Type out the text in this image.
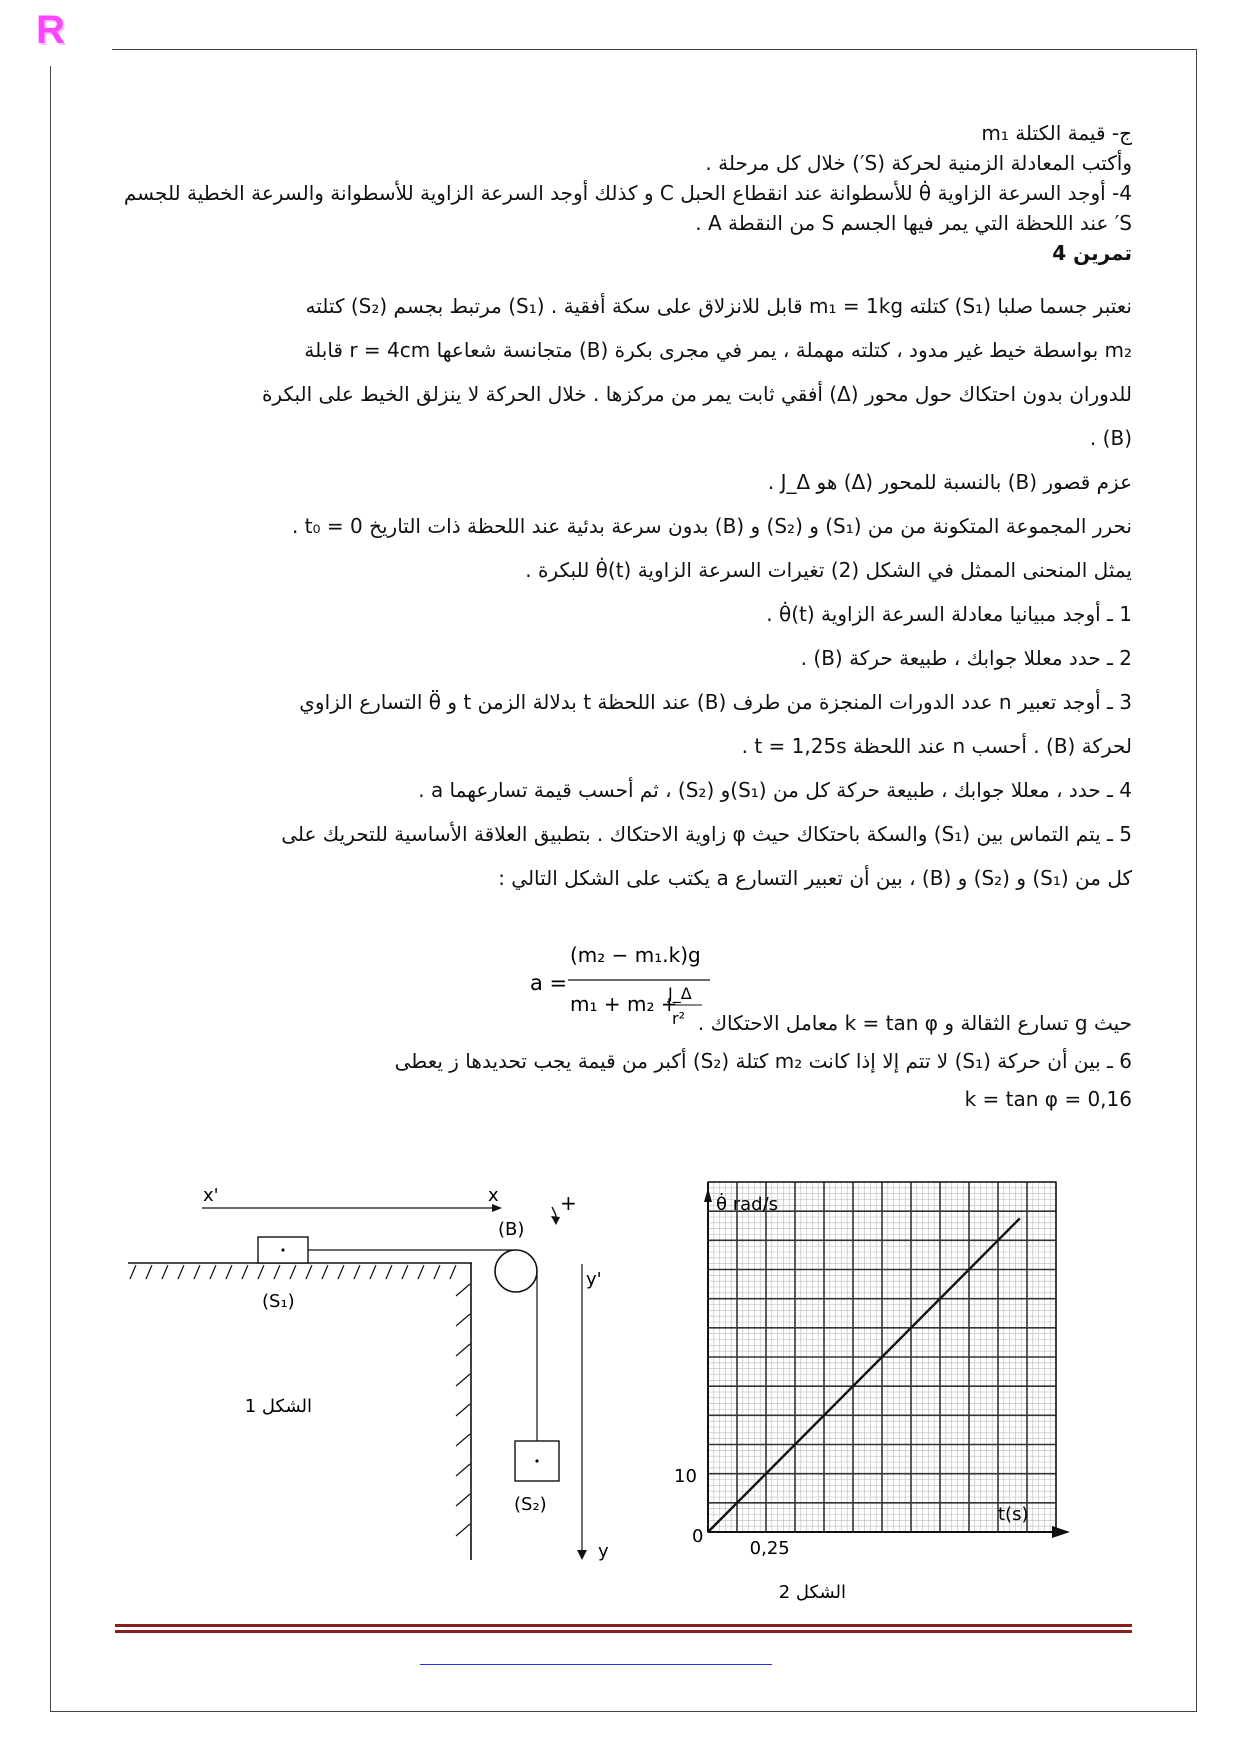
R
ج- قيمة الكتلة m₁
وأكتب المعادلة الزمنية لحركة (S′) خلال كل مرحلة .
4- أوجد السرعة الزاوية θ̇ للأسطوانة عند انقطاع الحبل C و كذلك أوجد السرعة الزاوية للأسطوانة والسرعة الخطية للجسم S′ عند اللحظة التي يمر فيها الجسم S من النقطة A .
تمرين 4
نعتبر جسما صلبا (S₁) كتلته m₁ = 1kg قابل للانزلاق على سكة أفقية . (S₁) مرتبط بجسم (S₂) كتلته
m₂ بواسطة خيط غير مدود ، كتلته مهملة ، يمر في مجرى بكرة (B) متجانسة شعاعها r = 4cm قابلة
للدوران بدون احتكاك حول محور (Δ) أفقي ثابت يمر من مركزها . خلال الحركة لا ينزلق الخيط على البكرة
(B) .
عزم قصور (B) بالنسبة للمحور (Δ) هو J_Δ .
نحرر المجموعة المتكونة من من (S₁) و (S₂) و (B) بدون سرعة بدئية عند اللحظة ذات التاريخ t₀ = 0 .
يمثل المنحنى الممثل في الشكل (2) تغيرات السرعة الزاوية θ̇(t) للبكرة .
1 ـ أوجد مبيانيا معادلة السرعة الزاوية θ̇(t) .
2 ـ حدد معللا جوابك ، طبيعة حركة (B) .
3 ـ أوجد تعبير n عدد الدورات المنجزة من طرف (B) عند اللحظة t بدلالة الزمن t و θ̈ التسارع الزاوي
لحركة (B) . أحسب n عند اللحظة t = 1,25s .
4 ـ حدد ، معللا جوابك ، طبيعة حركة كل من (S₁)و (S₂) ، ثم أحسب قيمة تسارعهما a .
5 ـ يتم التماس بين (S₁) والسكة باحتكاك حيث φ زاوية الاحتكاك . بتطبيق العلاقة الأساسية للتحريك على
كل من (S₁) و (S₂) و (B) ، بين أن تعبير التسارع a يكتب على الشكل التالي :
حيث g تسارع الثقالة و k = tan φ معامل الاحتكاك .
6 ـ بين أن حركة (S₁) لا تتم إلا إذا كانت m₂ كتلة (S₂) أكبر من قيمة يجب تحديدها ز يعطى
k = tan φ = 0,16
a =
(m₂ − m₁.k)g
m₁ + m₂ +
J_Δ
r²
x'	x
(S₁)
(B)
+
(S₂)
y'
y
الشكل 1
θ̇ rad/s
t(s)
0
10
0,25
الشكل 2
